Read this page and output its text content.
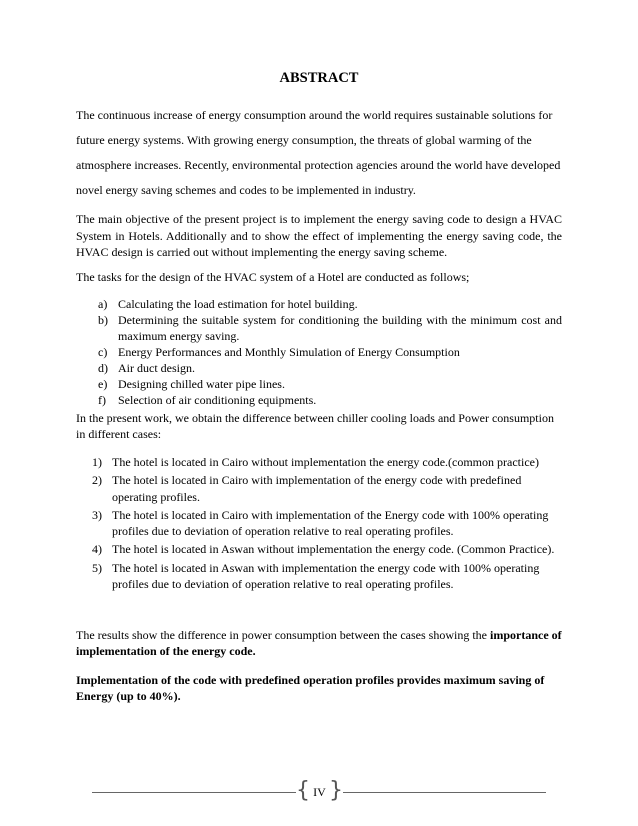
ABSTRACT
The continuous increase of energy consumption around the world requires sustainable solutions for future energy systems. With growing energy consumption, the threats of global warming of the atmosphere increases. Recently, environmental protection agencies around the world have developed novel energy saving schemes and codes to be implemented in industry.
The main objective of the present project is to implement the energy saving code to design a HVAC System in Hotels. Additionally and to show the effect of implementing the energy saving code, the HVAC design is carried out without implementing the energy saving scheme.
The tasks for the design of the HVAC system of a Hotel are conducted as follows;
a) Calculating the load estimation for hotel building.
b) Determining the suitable system for conditioning the building with the minimum cost and maximum energy saving.
c) Energy Performances and Monthly Simulation of Energy Consumption
d) Air duct design.
e) Designing chilled water pipe lines.
f)	Selection of air conditioning equipments.
In the present work, we obtain the difference between chiller cooling loads and Power consumption in different cases:
1) The hotel is located in Cairo without implementation the energy code.(common practice)
2) The hotel is located in Cairo with implementation of the energy code with predefined operating profiles.
3) The hotel is located in Cairo with implementation of the Energy code with 100% operating profiles due to deviation of operation relative to real operating profiles.
4) The hotel is located in Aswan without implementation the energy code. (Common Practice).
5) The hotel is located in Aswan with implementation the energy code with 100% operating profiles due to deviation of operation relative to real operating profiles.
The results show the difference in power consumption between the cases showing the importance of implementation of the energy code.
Implementation of the code with predefined operation profiles provides maximum saving of Energy (up to 40%).
{ IV }
